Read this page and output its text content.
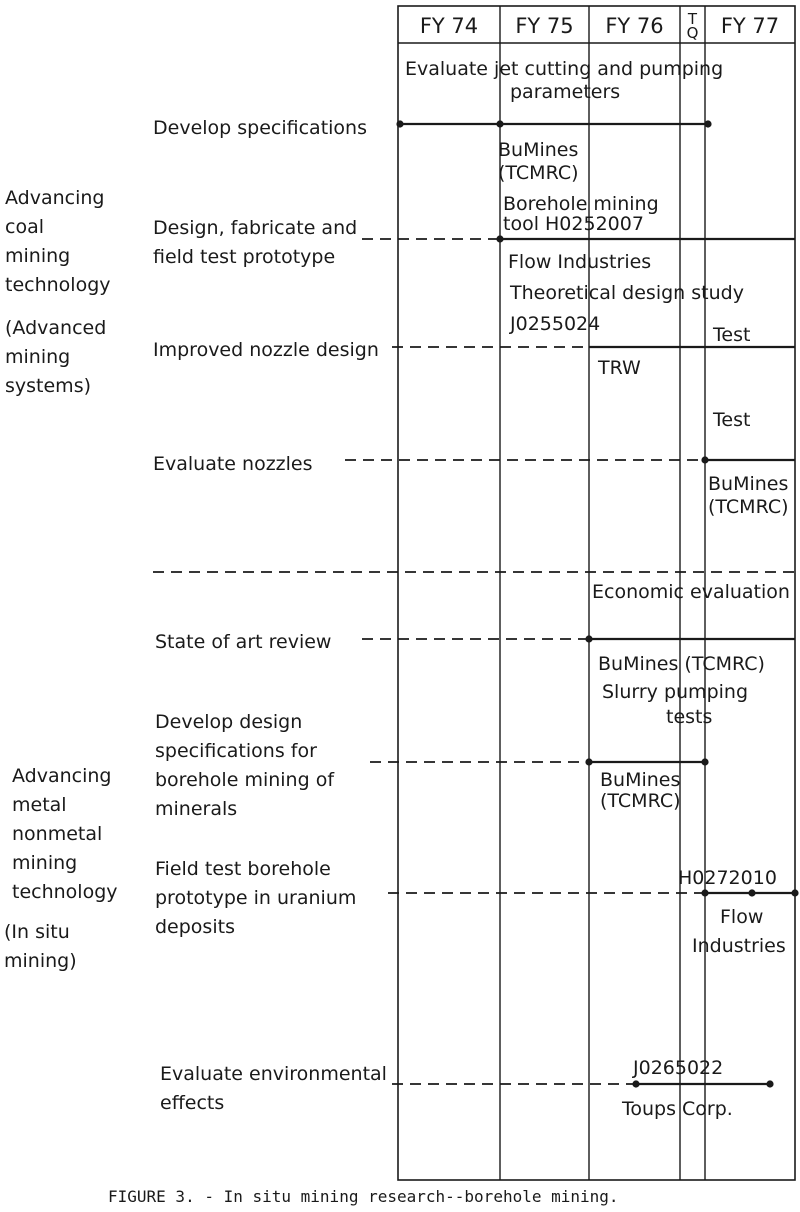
FY 74 FY 75 FY 76 T Q FY 77
Advancing coal mining technology
(Advanced mining systems)
Advancing metal nonmetal mining technology
(In situ mining)
Develop specifications
Design, fabricate and field test prototype
Improved nozzle design
Evaluate nozzles
State of art review
Develop design specifications for borehole mining of minerals
Field test borehole prototype in uranium deposits
Evaluate environmental effects
Evaluate jet cutting and pumping parameters
BuMines (TCMRC)
Borehole mining tool H0252007
Flow Industries
Theoretical design study J0255024	Test
TRW
Test
BuMines (TCMRC)
Economic evaluation
BuMines (TCMRC)
Slurry pumping tests
BuMines (TCMRC)
H0272010
Flow Industries
J0265022
Toups Corp.
FIGURE 3. - In situ mining research--borehole mining.
